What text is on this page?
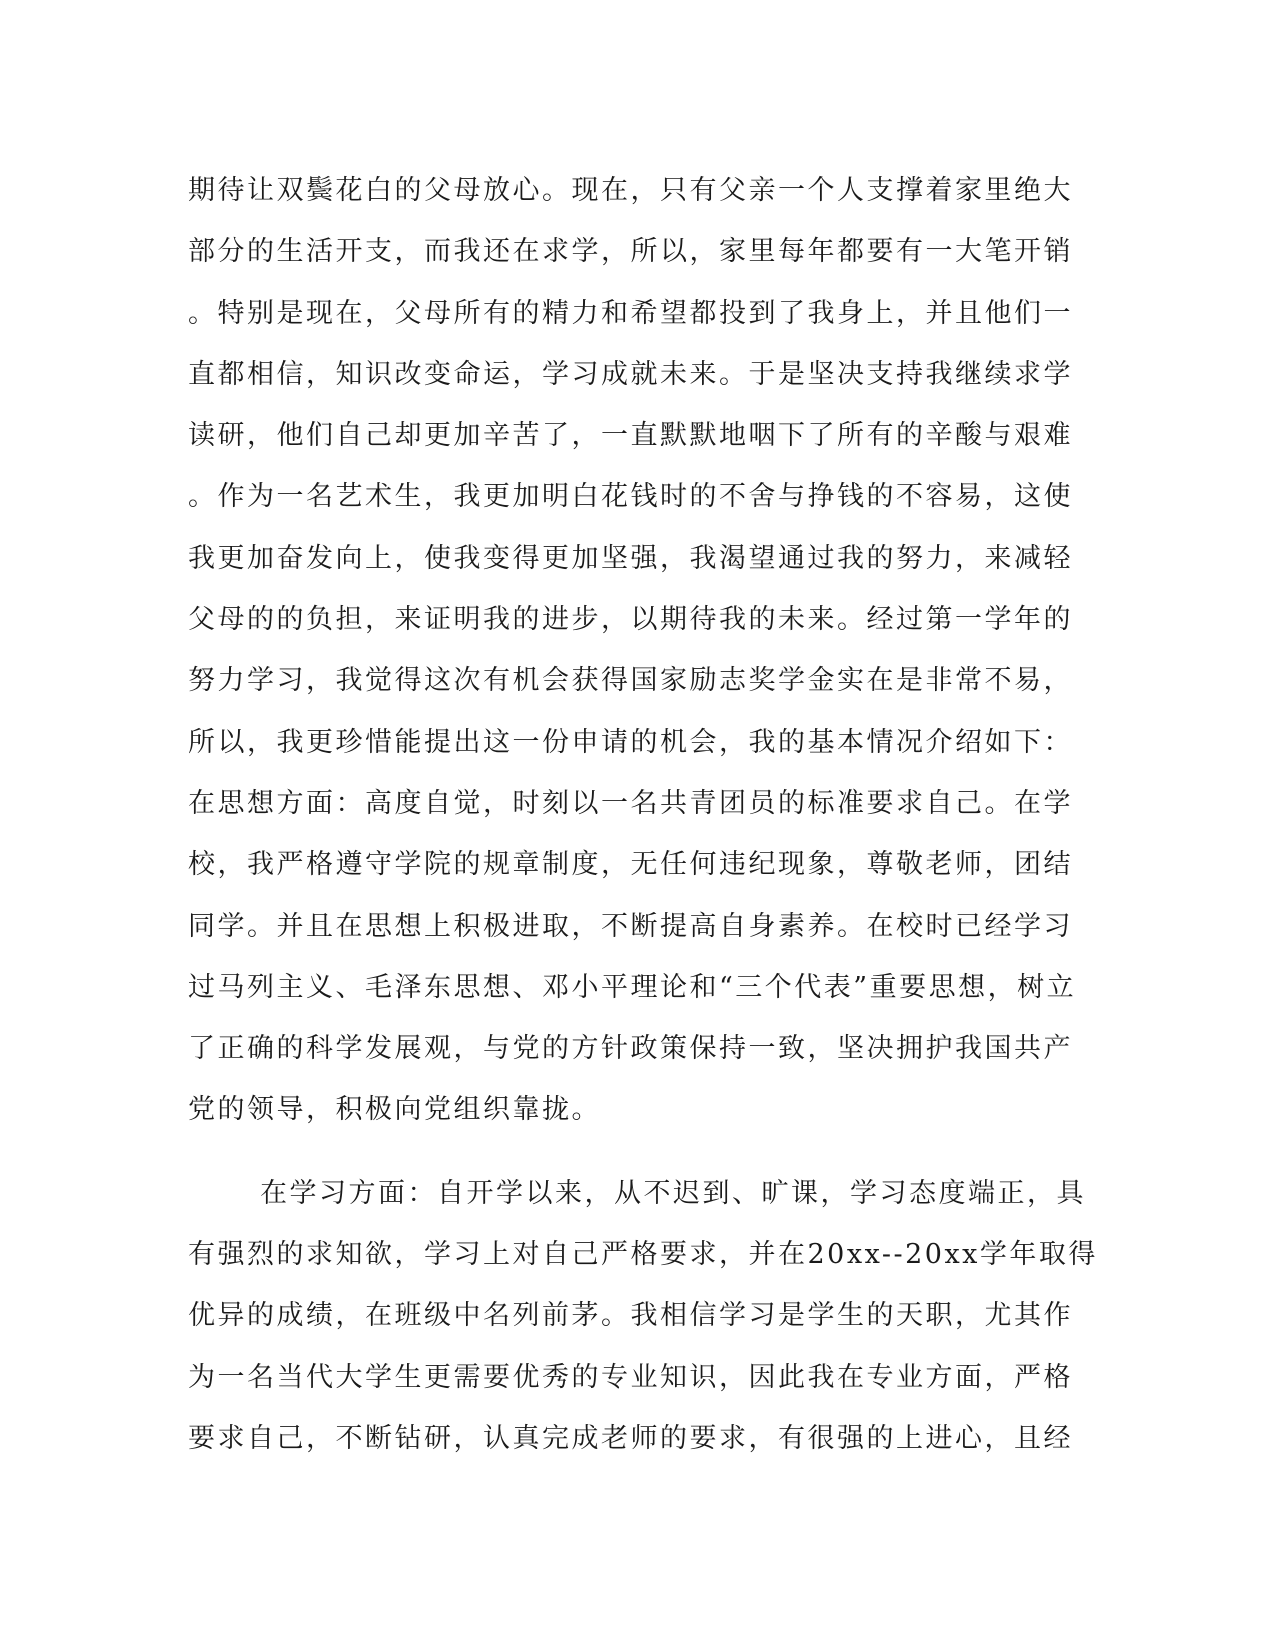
期待让双鬓花白的父母放心。现在，只有父亲一个人支撑着家里绝大
部分的生活开支，而我还在求学，所以，家里每年都要有一大笔开销
。特别是现在，父母所有的精力和希望都投到了我身上，并且他们一
直都相信，知识改变命运，学习成就未来。于是坚决支持我继续求学
读研，他们自己却更加辛苦了，一直默默地咽下了所有的辛酸与艰难
。作为一名艺术生，我更加明白花钱时的不舍与挣钱的不容易，这使
我更加奋发向上，使我变得更加坚强，我渴望通过我的努力，来减轻
父母的的负担，来证明我的进步，以期待我的未来。经过第一学年的
努力学习，我觉得这次有机会获得国家励志奖学金实在是非常不易，
所以，我更珍惜能提出这一份申请的机会，我的基本情况介绍如下：
在思想方面：高度自觉，时刻以一名共青团员的标准要求自己。在学
校，我严格遵守学院的规章制度，无任何违纪现象，尊敬老师，团结
同学。并且在思想上积极进取，不断提高自身素养。在校时已经学习
过马列主义、毛泽东思想、邓小平理论和“三个代表”重要思想，树立
了正确的科学发展观，与党的方针政策保持一致，坚决拥护我国共产
党的领导，积极向党组织靠拢。
在学习方面：自开学以来，从不迟到、旷课，学习态度端正，具
有强烈的求知欲，学习上对自己严格要求，并在20xx--20xx学年取得
优异的成绩，在班级中名列前茅。我相信学习是学生的天职，尤其作
为一名当代大学生更需要优秀的专业知识，因此我在专业方面，严格
要求自己，不断钻研，认真完成老师的要求，有很强的上进心，且经
